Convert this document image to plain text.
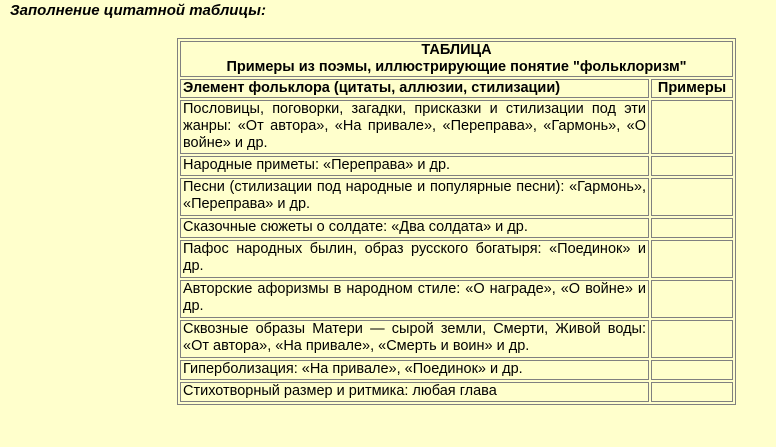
Заполнение цитатной таблицы:

ТАБЛИЦА
Примеры из поэмы, иллюстрирующие понятие "фольклоризм"	

Элемент фольклора (цитаты, аллюзии, стилизации)	Примеры
Пословицы, поговорки, загадки, присказки и стилизации под эти жанры: «От автора», «На привале», «Переправа», «Гармонь», «О войне» и др.	
Народные приметы: «Переправа» и др.	
Песни (стилизации под народные и популярные песни): «Гармонь», «Переправа» и др.	
Сказочные сюжеты о солдате: «Два солдата» и др.	
Пафос народных былин, образ русского богатыря: «Поединок» и др.	
Авторские афоризмы в народном стиле: «О награде», «О войне» и др.	
Сквозные образы Матери — сырой земли, Смерти, Живой воды: «От автора», «На привале», «Смерть и воин» и др.	
Гиперболизация: «На привале», «Поединок» и др.	
Стихотворный размер и ритмика: любая глава	
